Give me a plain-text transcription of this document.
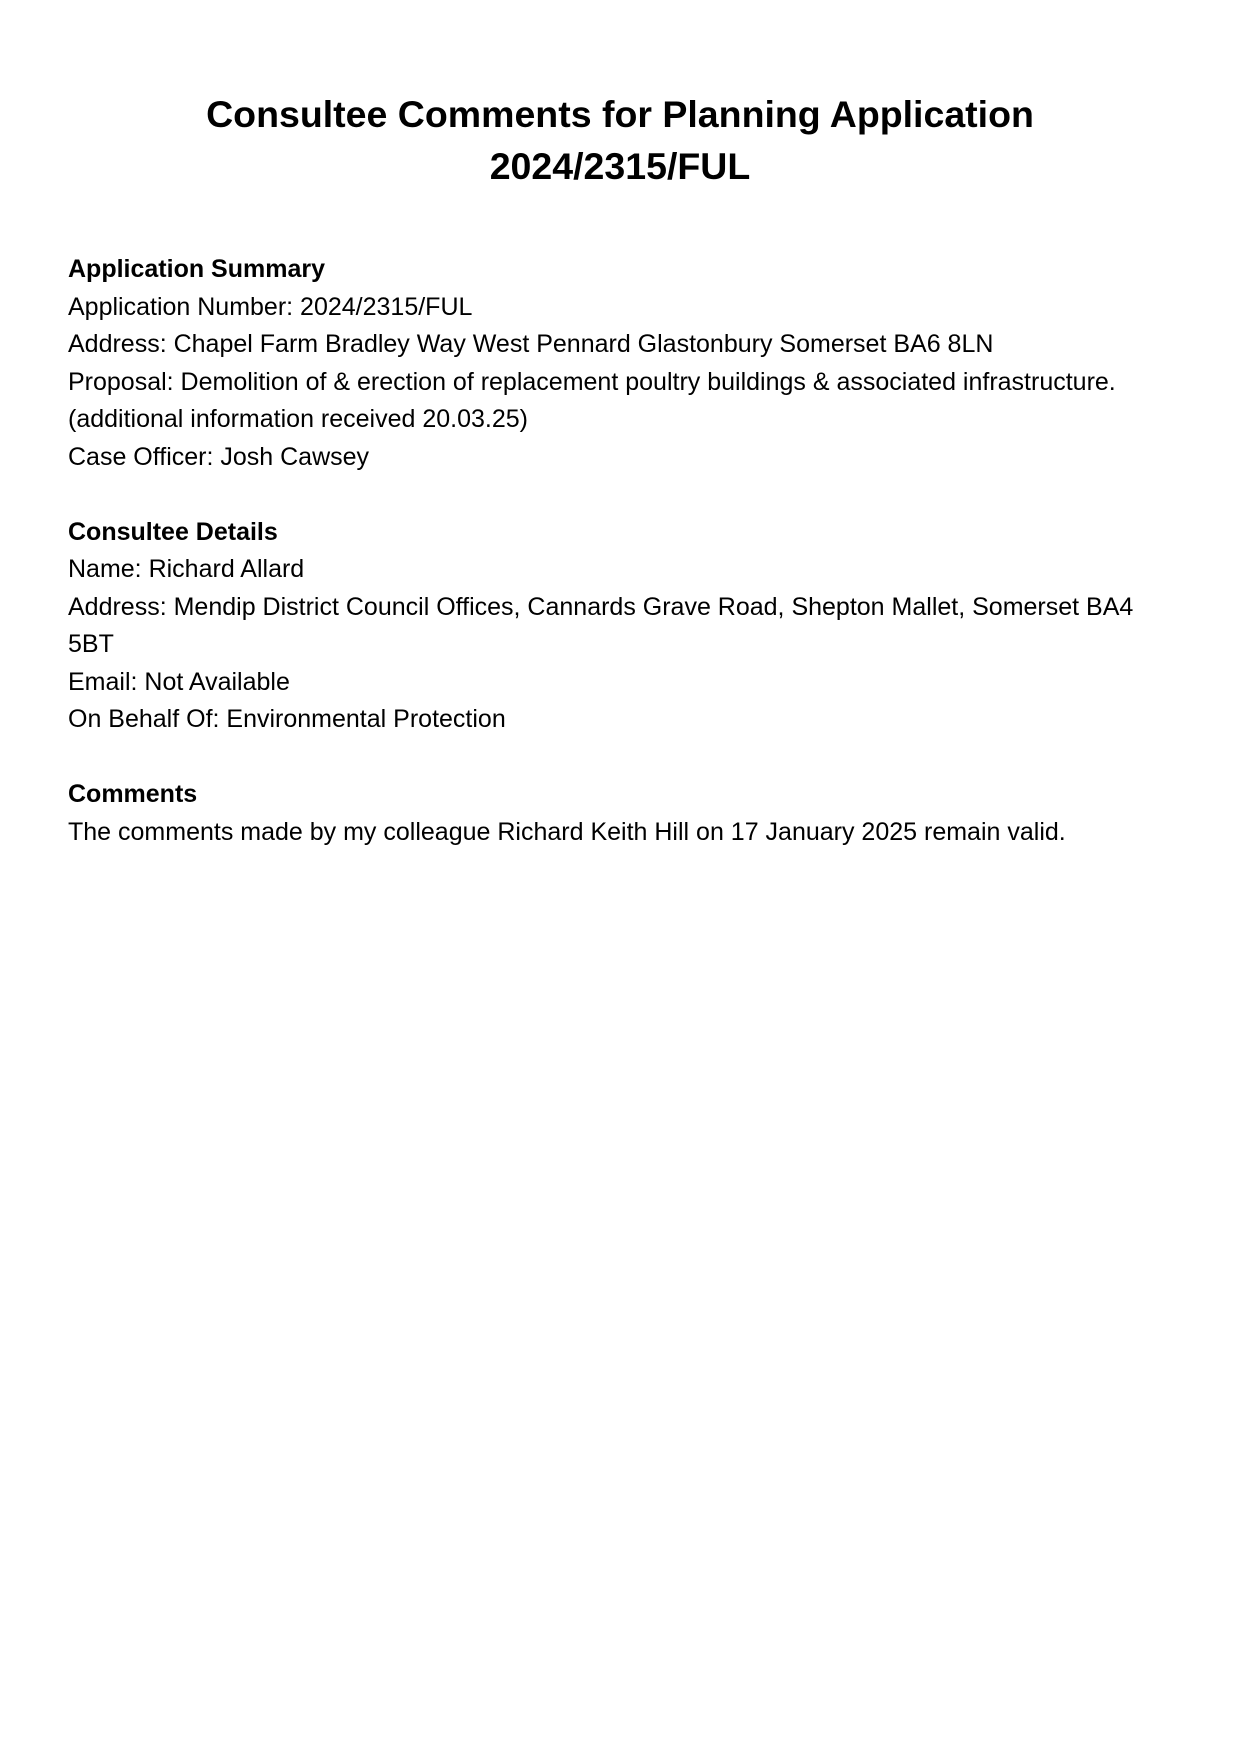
Consultee Comments for Planning Application
2024/2315/FUL
Application Summary
Application Number: 2024/2315/FUL
Address: Chapel Farm Bradley Way West Pennard Glastonbury Somerset BA6 8LN
Proposal: Demolition of & erection of replacement poultry buildings & associated infrastructure. (additional information received 20.03.25)
Case Officer: Josh Cawsey
Consultee Details
Name: Richard Allard
Address: Mendip District Council Offices, Cannards Grave Road, Shepton Mallet, Somerset BA4 5BT
Email: Not Available
On Behalf Of: Environmental Protection
Comments
The comments made by my colleague Richard Keith Hill on 17 January 2025 remain valid.
